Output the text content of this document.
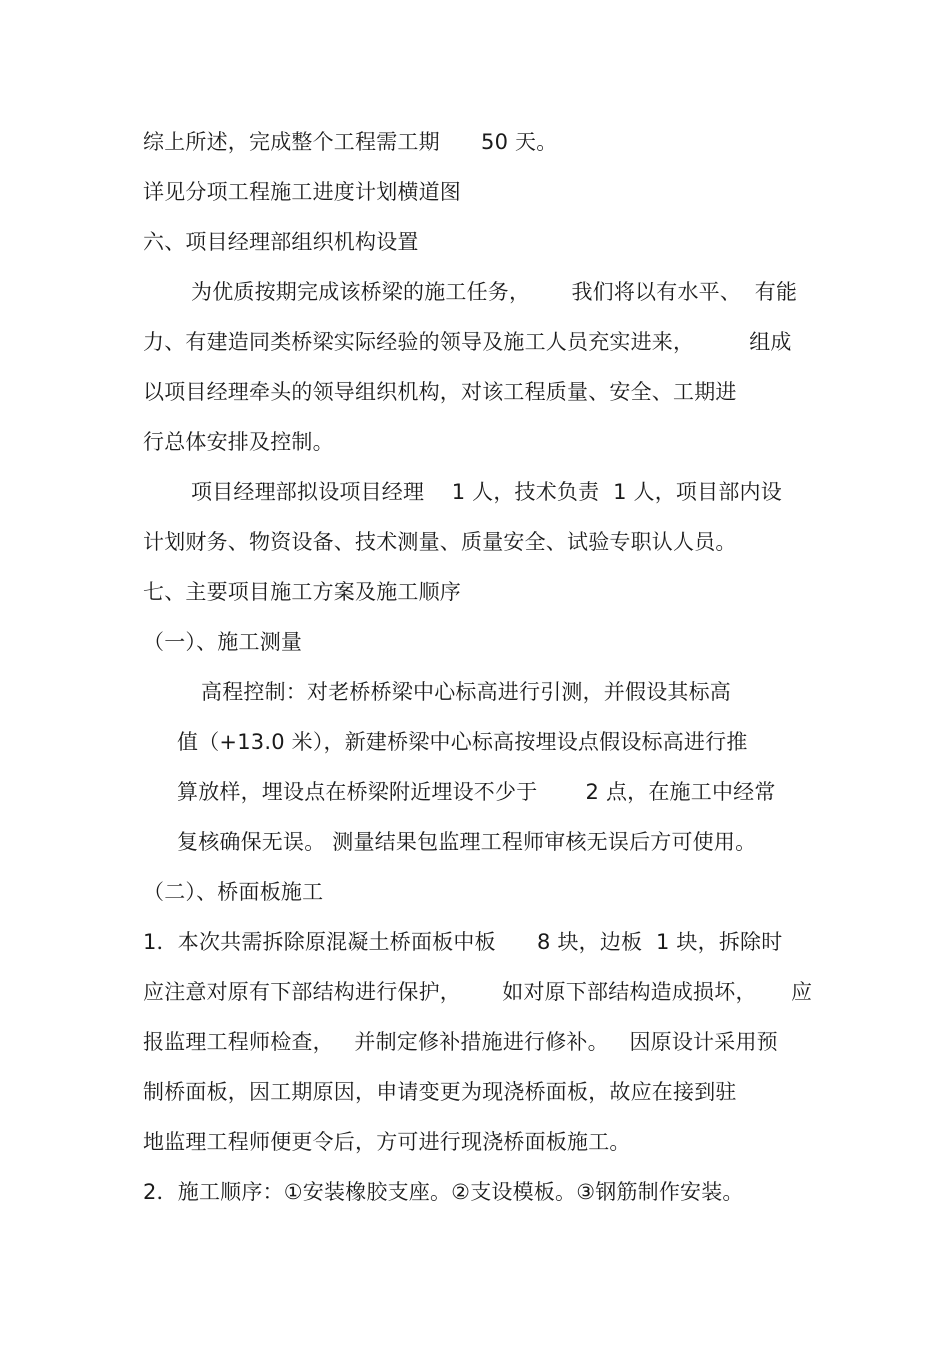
综上所述，完成整个工程需工期      50 天。
详见分项工程施工进度计划横道图
六、项目经理部组织机构设置
为优质按期完成该桥梁的施工任务，      我们将以有水平、  有能
力、有建造同类桥梁实际经验的领导及施工人员充实进来，        组成
以项目经理牵头的领导组织机构，对该工程质量、安全、工期进
行总体安排及控制。
项目经理部拟设项目经理    1 人，技术负责  1 人，项目部内设
计划财务、物资设备、技术测量、质量安全、试验专职认人员。
七、主要项目施工方案及施工顺序
（一）、施工测量
高程控制：对老桥桥梁中心标高进行引测，并假设其标高
值（+13.0 米），新建桥梁中心标高按埋设点假设标高进行推
算放样，埋设点在桥梁附近埋设不少于       2 点，在施工中经常
复核确保无误。 测量结果包监理工程师审核无误后方可使用。
（二）、桥面板施工
1．本次共需拆除原混凝土桥面板中板      8 块，边板  1 块，拆除时
应注意对原有下部结构进行保护，      如对原下部结构造成损坏，     应
报监理工程师检查，   并制定修补措施进行修补。   因原设计采用预
制桥面板，因工期原因，申请变更为现浇桥面板，故应在接到驻
地监理工程师便更令后，方可进行现浇桥面板施工。
2．施工顺序：①安装橡胶支座。②支设模板。③钢筋制作安装。
